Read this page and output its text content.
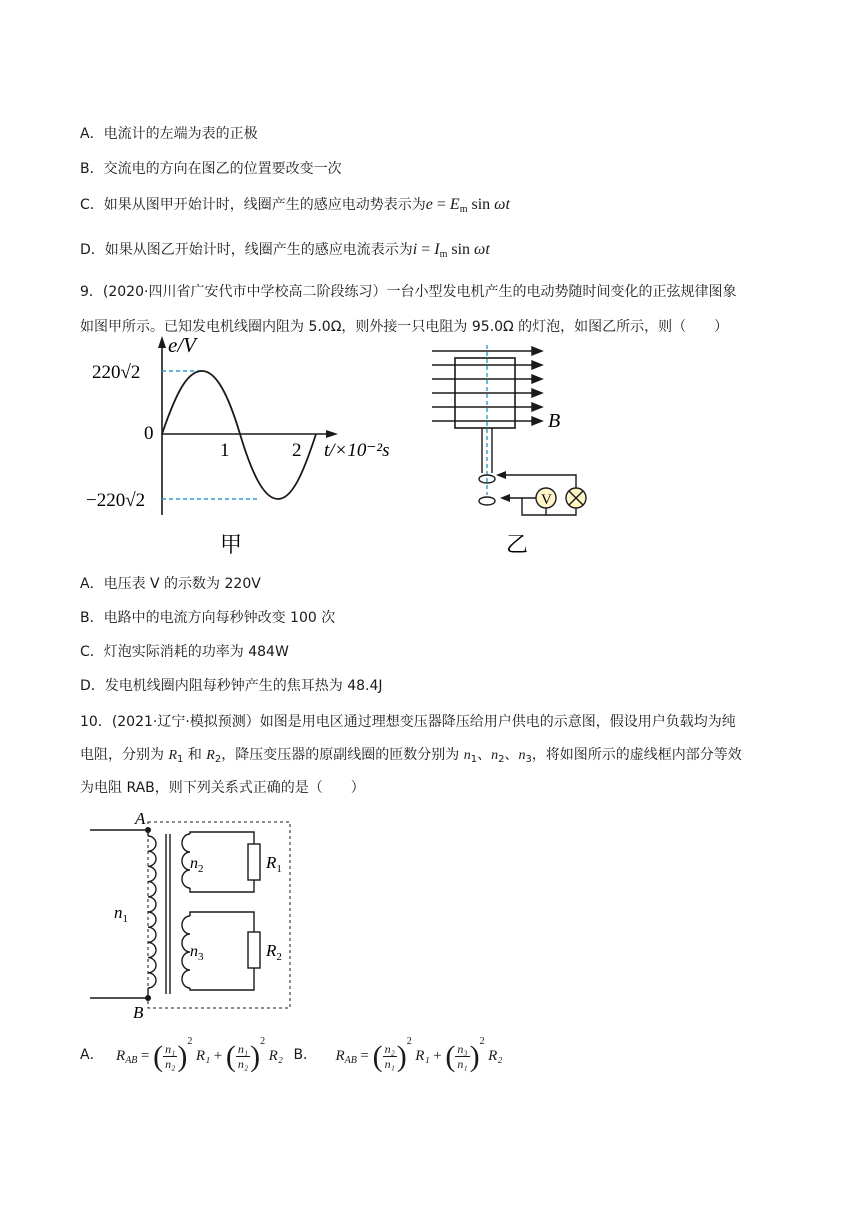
A．电流计的左端为表的正极
B．交流电的方向在图乙的位置要改变一次
C．如果从图甲开始计时，线圈产生的感应电动势表示为$e = E_m$ sin ωt
D．如果从图乙开始计时，线圈产生的感应电流表示为$i = I_m$ sin ωt
9．(2020·四川省广安代市中学校高二阶段练习）一台小型发电机产生的电动势随时间变化的正弦规律图象
如图甲所示。已知发电机线圈内阻为 5.0Ω，则外接一只电阻为 95.0Ω 的灯泡，如图乙所示，则（　　）
e/V
220√2
0
1	2 t/×10⁻²s
−220√2
甲
V
B
乙
A．电压表 V 的示数为 220V
B．电路中的电流方向每秒钟改变 100 次
C．灯泡实际消耗的功率为 484W
D．发电机线圈内阻每秒钟产生的焦耳热为 48.4J
10．(2021·辽宁·模拟预测）如图是用电区通过理想变压器降压给用户供电的示意图，假设用户负载均为纯
电阻，分别为 $R_1$ 和 $R_2$，降压变压器的原副线圈的匝数分别为 $n_1$、$n_2$、$n_3$，将如图所示的虚线框内部分等效
为电阻 RAB，则下列关系式正确的是（　　）
A
B
$n_1$
$n_2$
$n_3$
$R_1$
$R_2$
A． $R_{AB}$ = ( $\frac{\text{n₁}}{\text{n₂}} )^2$ R₁ + ( $\frac{\text{n₁}}{\text{n₂}} )^2$ R₂ B． $R_{AB}$ = ( $\frac{\text{n₂}}{\text{n₁}} )^2$ R₁ + ( $\frac{\text{n₃}}{\text{n₁}} )^2$ R₂
